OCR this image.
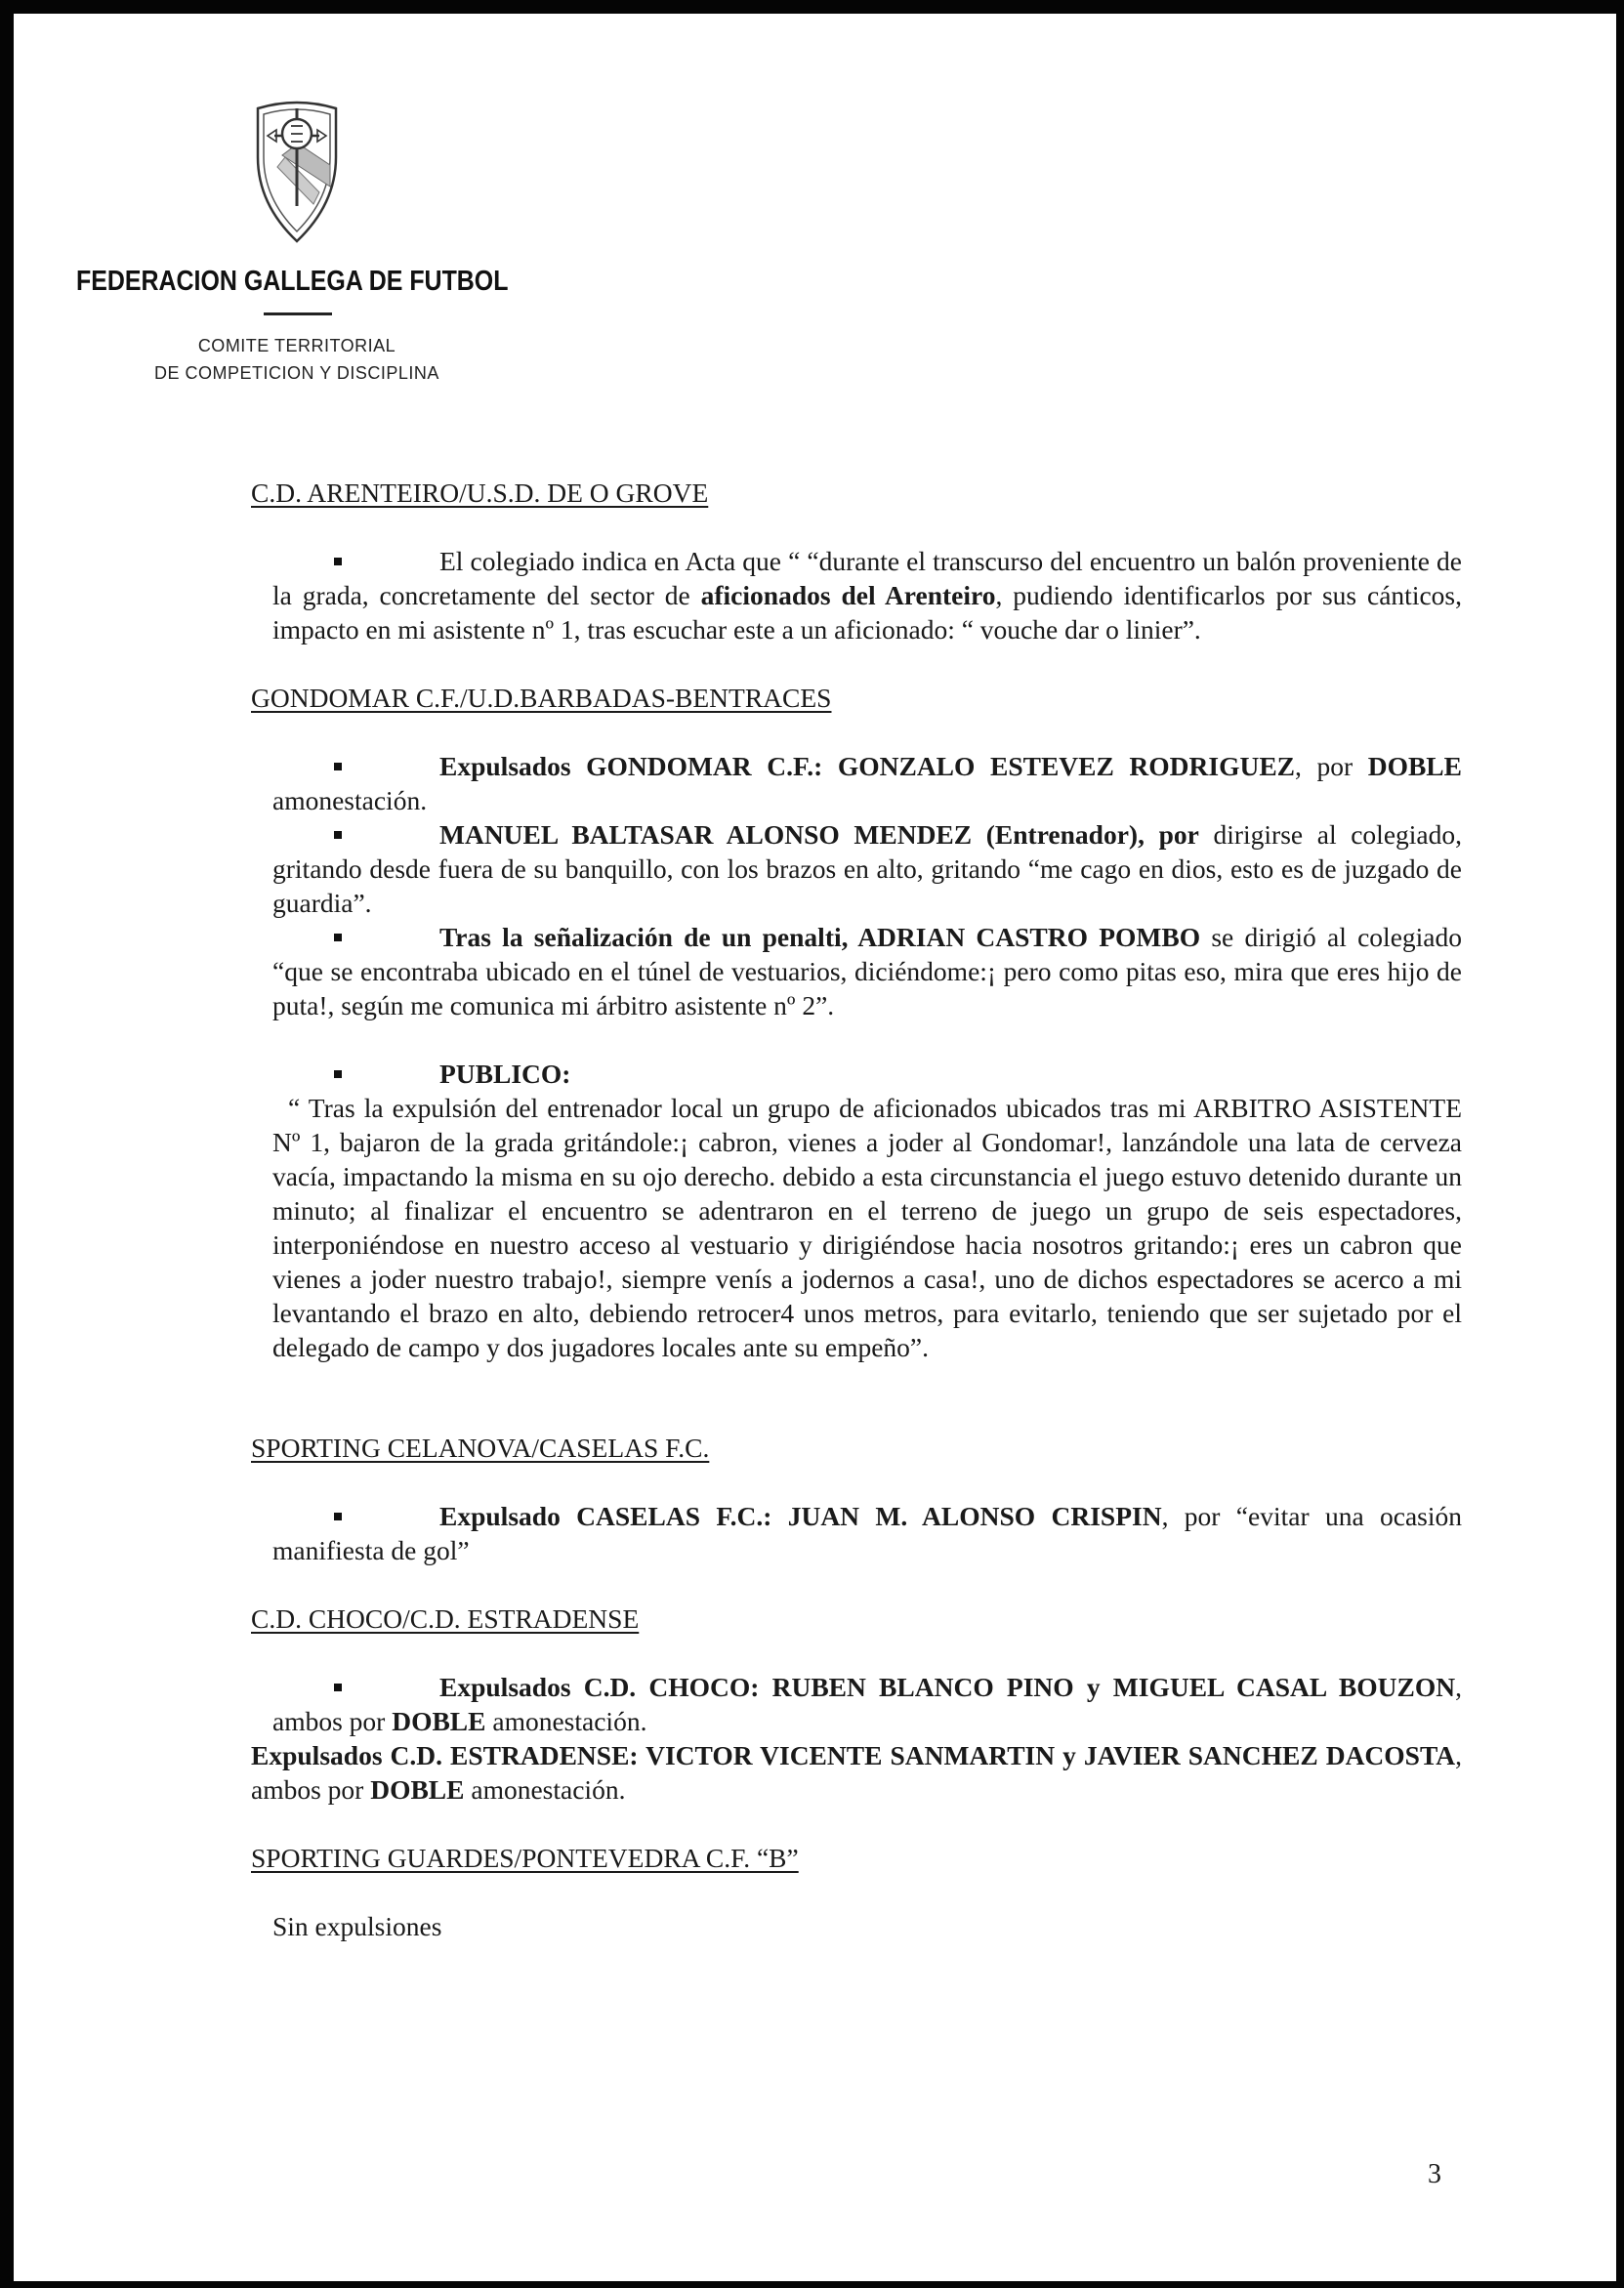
FEDERACION GALLEGA DE FUTBOL
COMITE TERRITORIAL
DE COMPETICION Y DISCIPLINA
C.D. ARENTEIRO/U.S.D. DE O GROVE
El colegiado indica en Acta que “ “durante el transcurso del encuentro un balón proveniente de la grada, concretamente del sector de aficionados del Arenteiro, pudiendo identificarlos por sus cánticos, impacto en mi asistente nº 1, tras escuchar este a un aficionado: “ vouche dar o linier”.
GONDOMAR C.F./U.D.BARBADAS-BENTRACES
Expulsados GONDOMAR C.F.: GONZALO ESTEVEZ RODRIGUEZ, por DOBLE amonestación.
MANUEL BALTASAR ALONSO MENDEZ (Entrenador), por dirigirse al colegiado, gritando desde fuera de su banquillo, con los brazos en alto, gritando “me cago en dios, esto es de juzgado de guardia”.
Tras la señalización de un penalti, ADRIAN CASTRO POMBO se dirigió al colegiado “que se encontraba ubicado en el túnel de vestuarios, diciéndome:¡ pero como pitas eso, mira que eres hijo de puta!, según me comunica mi árbitro asistente nº 2”.
PUBLICO:
“ Tras la expulsión del entrenador local un grupo de aficionados ubicados tras mi ARBITRO ASISTENTE Nº 1, bajaron de la grada gritándole:¡ cabron, vienes a joder al Gondomar!, lanzándole una lata de cerveza vacía, impactando la misma en su ojo derecho. debido a esta circunstancia el juego estuvo detenido durante un minuto; al finalizar el encuentro se adentraron en el terreno de juego un grupo de seis espectadores, interponiéndose en nuestro acceso al vestuario y dirigiéndose hacia nosotros gritando:¡ eres un cabron que vienes a joder nuestro trabajo!, siempre venís a jodernos a casa!, uno de dichos espectadores se acerco a mi levantando el brazo en alto, debiendo retrocer4 unos metros, para evitarlo, teniendo que ser sujetado por el delegado de campo y dos jugadores locales ante su empeño”.
SPORTING CELANOVA/CASELAS F.C.
Expulsado CASELAS F.C.: JUAN M. ALONSO CRISPIN, por “evitar una ocasión manifiesta de gol”
C.D. CHOCO/C.D. ESTRADENSE
Expulsados C.D. CHOCO: RUBEN BLANCO PINO y MIGUEL CASAL BOUZON, ambos por DOBLE amonestación.
Expulsados C.D. ESTRADENSE: VICTOR VICENTE SANMARTIN y JAVIER SANCHEZ DACOSTA, ambos por DOBLE amonestación.
SPORTING GUARDES/PONTEVEDRA C.F. “B”
Sin expulsiones
3
